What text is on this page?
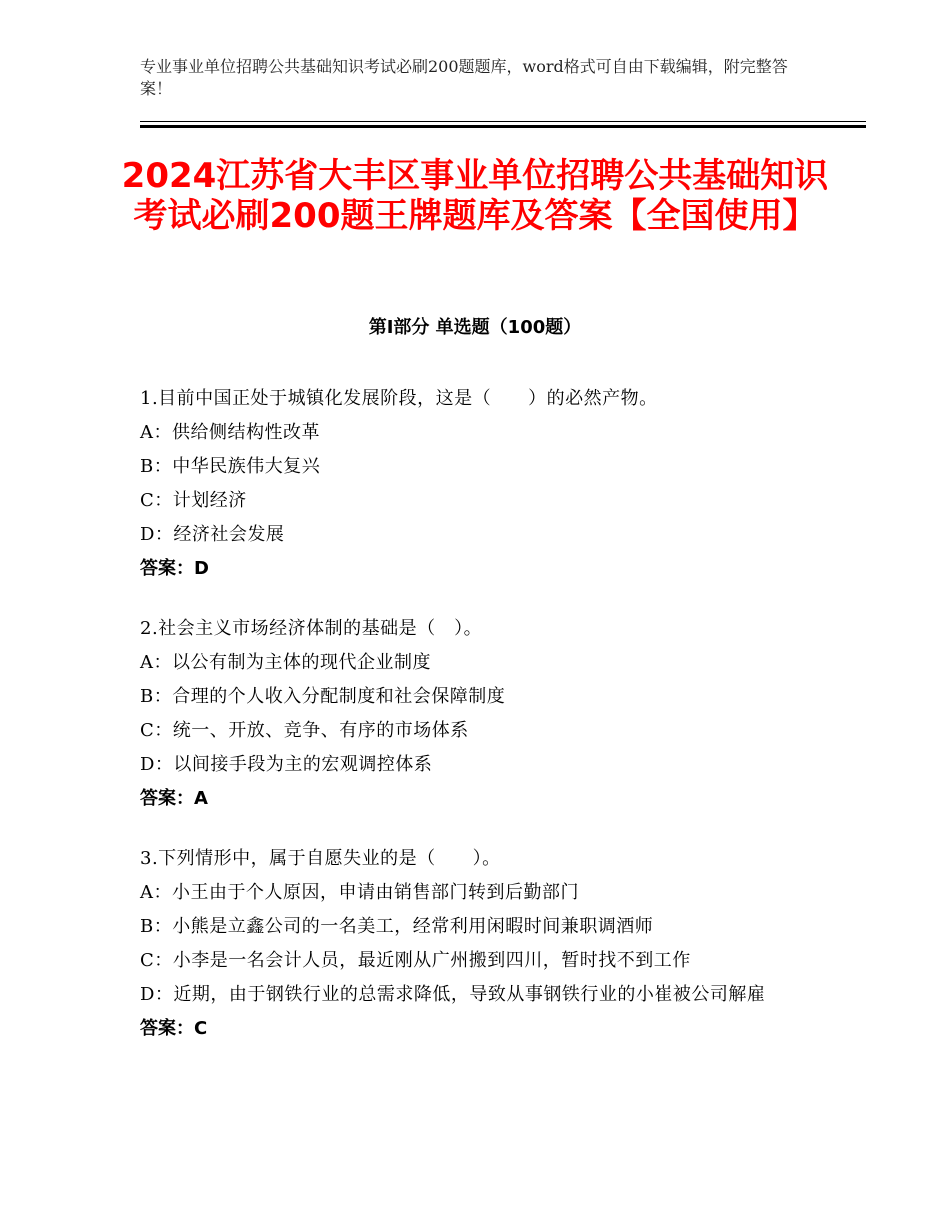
专业事业单位招聘公共基础知识考试必刷200题题库，word格式可自由下载编辑，附完整答案！
2024江苏省大丰区事业单位招聘公共基础知识考试必刷200题王牌题库及答案【全国使用】
第Ⅰ部分 单选题（100题）
1.目前中国正处于城镇化发展阶段，这是（　　）的必然产物。
A：供给侧结构性改革
B：中华民族伟大复兴
C：计划经济
D：经济社会发展
答案：D
2.社会主义市场经济体制的基础是（　）。
A：以公有制为主体的现代企业制度
B：合理的个人收入分配制度和社会保障制度
C：统一、开放、竞争、有序的市场体系
D：以间接手段为主的宏观调控体系
答案：A
3.下列情形中，属于自愿失业的是（　　）。
A：小王由于个人原因，申请由销售部门转到后勤部门
B：小熊是立鑫公司的一名美工，经常利用闲暇时间兼职调酒师
C：小李是一名会计人员，最近刚从广州搬到四川，暂时找不到工作
D：近期，由于钢铁行业的总需求降低，导致从事钢铁行业的小崔被公司解雇
答案：C
